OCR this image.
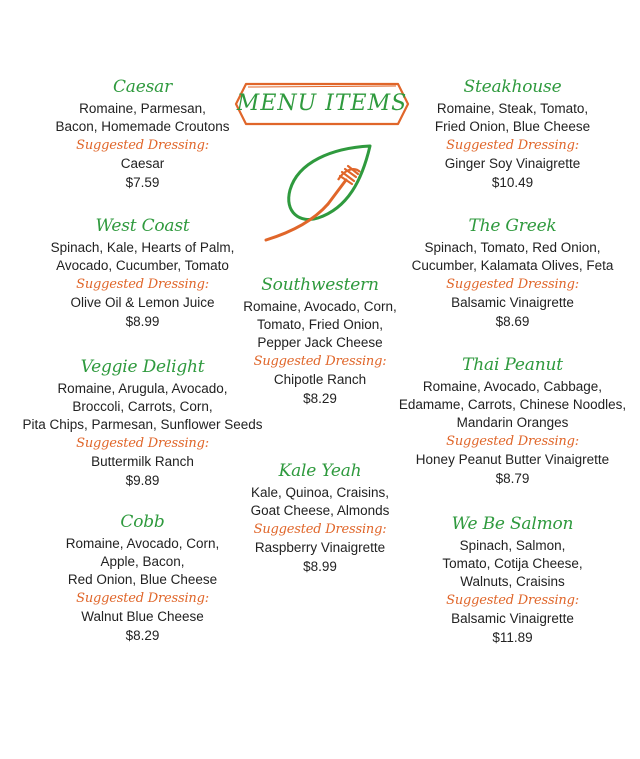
MENU ITEMS
Caesar
Romaine, Parmesan,
Bacon, Homemade Croutons
Suggested Dressing:
Caesar
$7.59
West Coast
Spinach, Kale, Hearts of Palm,
Avocado, Cucumber, Tomato
Suggested Dressing:
Olive Oil & Lemon Juice
$8.99
Veggie Delight
Romaine, Arugula, Avocado,
Broccoli, Carrots, Corn,
Pita Chips, Parmesan, Sunflower Seeds
Suggested Dressing:
Buttermilk Ranch
$9.89
Cobb
Romaine, Avocado, Corn,
Apple, Bacon,
Red Onion, Blue Cheese
Suggested Dressing:
Walnut Blue Cheese
$8.29
Southwestern
Romaine, Avocado, Corn,
Tomato, Fried Onion,
Pepper Jack Cheese
Suggested Dressing:
Chipotle Ranch
$8.29
Kale Yeah
Kale, Quinoa, Craisins,
Goat Cheese, Almonds
Suggested Dressing:
Raspberry Vinaigrette
$8.99
Steakhouse
Romaine, Steak, Tomato,
Fried Onion, Blue Cheese
Suggested Dressing:
Ginger Soy Vinaigrette
$10.49
The Greek
Spinach, Tomato, Red Onion,
Cucumber, Kalamata Olives, Feta
Suggested Dressing:
Balsamic Vinaigrette
$8.69
Thai Peanut
Romaine, Avocado, Cabbage,
Edamame, Carrots, Chinese Noodles,
Mandarin Oranges
Suggested Dressing:
Honey Peanut Butter Vinaigrette
$8.79
We Be Salmon
Spinach, Salmon,
Tomato, Cotija Cheese,
Walnuts, Craisins
Suggested Dressing:
Balsamic Vinaigrette
$11.89
